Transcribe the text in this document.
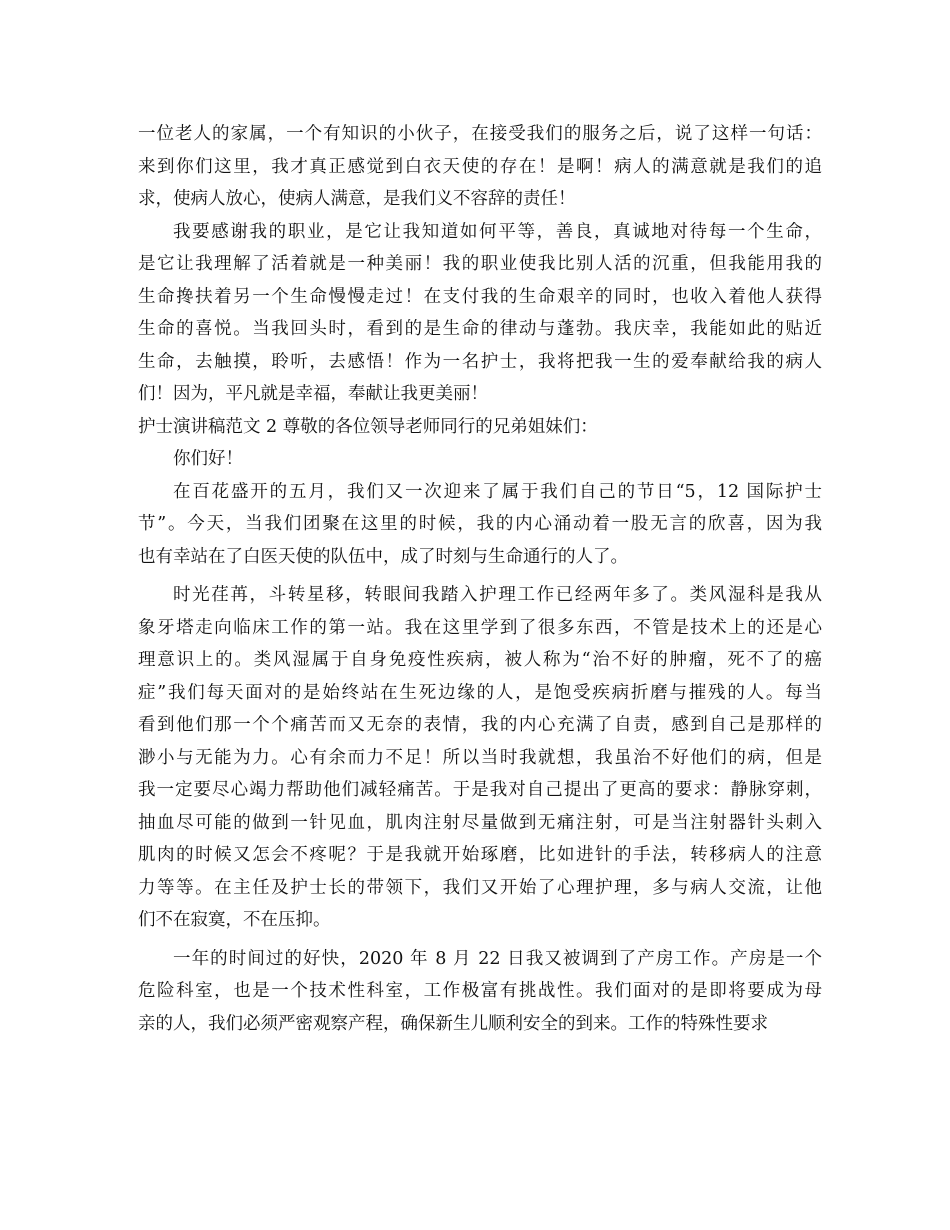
一位老人的家属，一个有知识的小伙子，在接受我们的服务之后，说了这样一句话：
来到你们这里，我才真正感觉到白衣天使的存在！是啊！病人的满意就是我们的追
求，使病人放心，使病人满意，是我们义不容辞的责任！
我要感谢我的职业，是它让我知道如何平等，善良，真诚地对待每一个生命，
是它让我理解了活着就是一种美丽！我的职业使我比别人活的沉重，但我能用我的
生命搀扶着另一个生命慢慢走过！在支付我的生命艰辛的同时，也收入着他人获得
生命的喜悦。当我回头时，看到的是生命的律动与蓬勃。我庆幸，我能如此的贴近
生命，去触摸，聆听，去感悟！作为一名护士，我将把我一生的爱奉献给我的病人
们！因为，平凡就是幸福，奉献让我更美丽！
护士演讲稿范文 2 尊敬的各位领导老师同行的兄弟姐妹们：
你们好！
在百花盛开的五月，我们又一次迎来了属于我们自己的节日“5，12 国际护士
节”。今天，当我们团聚在这里的时候，我的内心涌动着一股无言的欣喜，因为我
也有幸站在了白医天使的队伍中，成了时刻与生命通行的人了。
时光荏苒，斗转星移，转眼间我踏入护理工作已经两年多了。类风湿科是我从
象牙塔走向临床工作的第一站。我在这里学到了很多东西，不管是技术上的还是心
理意识上的。类风湿属于自身免疫性疾病，被人称为“治不好的肿瘤，死不了的癌
症”我们每天面对的是始终站在生死边缘的人，是饱受疾病折磨与摧残的人。每当
看到他们那一个个痛苦而又无奈的表情，我的内心充满了自责，感到自己是那样的
渺小与无能为力。心有余而力不足！所以当时我就想，我虽治不好他们的病，但是
我一定要尽心竭力帮助他们减轻痛苦。于是我对自己提出了更高的要求：静脉穿刺，
抽血尽可能的做到一针见血，肌肉注射尽量做到无痛注射，可是当注射器针头刺入
肌肉的时候又怎会不疼呢？于是我就开始琢磨，比如进针的手法，转移病人的注意
力等等。在主任及护士长的带领下，我们又开始了心理护理，多与病人交流，让他
们不在寂寞，不在压抑。
一年的时间过的好快，2020 年 8 月 22 日我又被调到了产房工作。产房是一个
危险科室，也是一个技术性科室，工作极富有挑战性。我们面对的是即将要成为母
亲的人，我们必须严密观察产程，确保新生儿顺利安全的到来。工作的特殊性要求
